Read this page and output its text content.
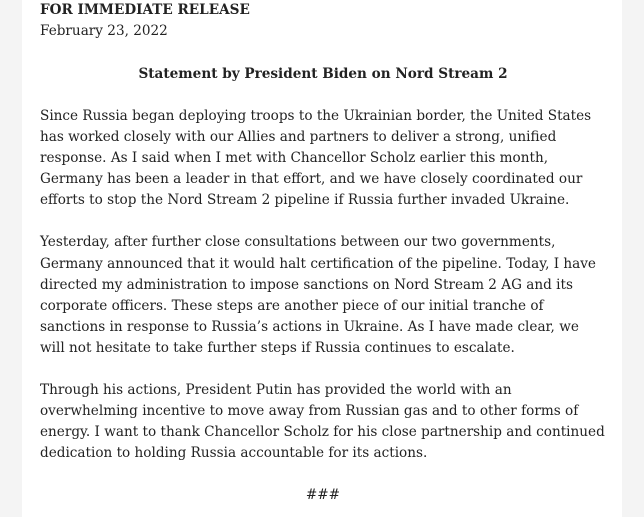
FOR IMMEDIATE RELEASE

February 23, 2022

Statement by President Biden on Nord Stream 2

Since Russia began deploying troops to the Ukrainian border, the United States has worked closely with our Allies and partners to deliver a strong, unified response. As I said when I met with Chancellor Scholz earlier this month, Germany has been a leader in that effort, and we have closely coordinated our efforts to stop the Nord Stream 2 pipeline if Russia further invaded Ukraine.

Yesterday, after further close consultations between our two governments, Germany announced that it would halt certification of the pipeline. Today, I have directed my administration to impose sanctions on Nord Stream 2 AG and its corporate officers. These steps are another piece of our initial tranche of sanctions in response to Russia’s actions in Ukraine. As I have made clear, we will not hesitate to take further steps if Russia continues to escalate.

Through his actions, President Putin has provided the world with an overwhelming incentive to move away from Russian gas and to other forms of energy. I want to thank Chancellor Scholz for his close partnership and continued dedication to holding Russia accountable for its actions.

###
